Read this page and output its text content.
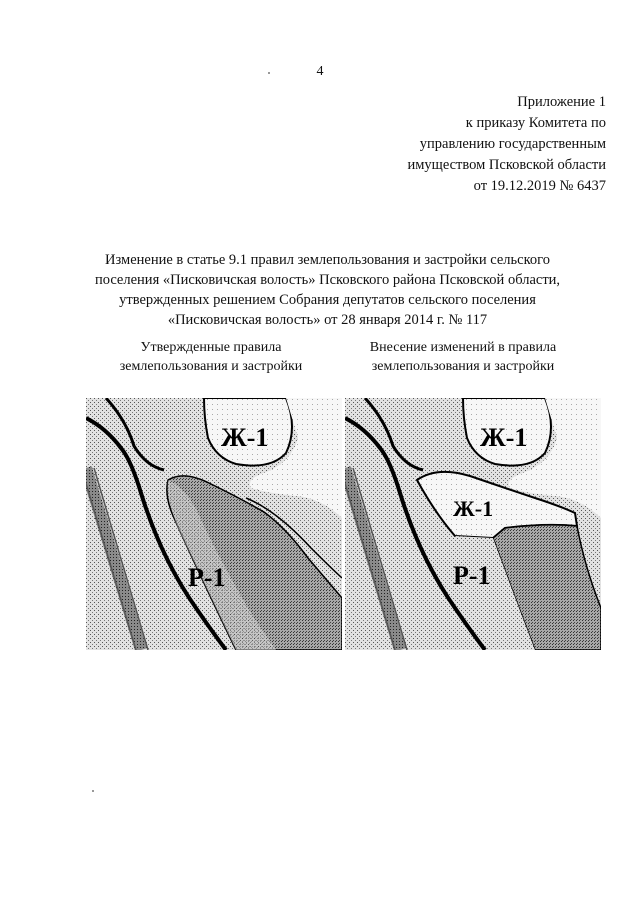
4
Приложение 1
к приказу Комитета по
управлению государственным
имуществом Псковской области
от 19.12.2019 № 6437
Изменение в статье 9.1 правил землепользования и застройки сельского
поселения «Писковичская волость» Псковского района Псковской области,
утвержденных решением Собрания депутатов сельского поселения
«Писковичская волость» от 28 января 2014 г. № 117
Утвержденные правила
землепользования и застройки
Внесение изменений в правила
землепользования и застройки
Ж-1
Р-1
Ж-1
Ж-1
Р-1
